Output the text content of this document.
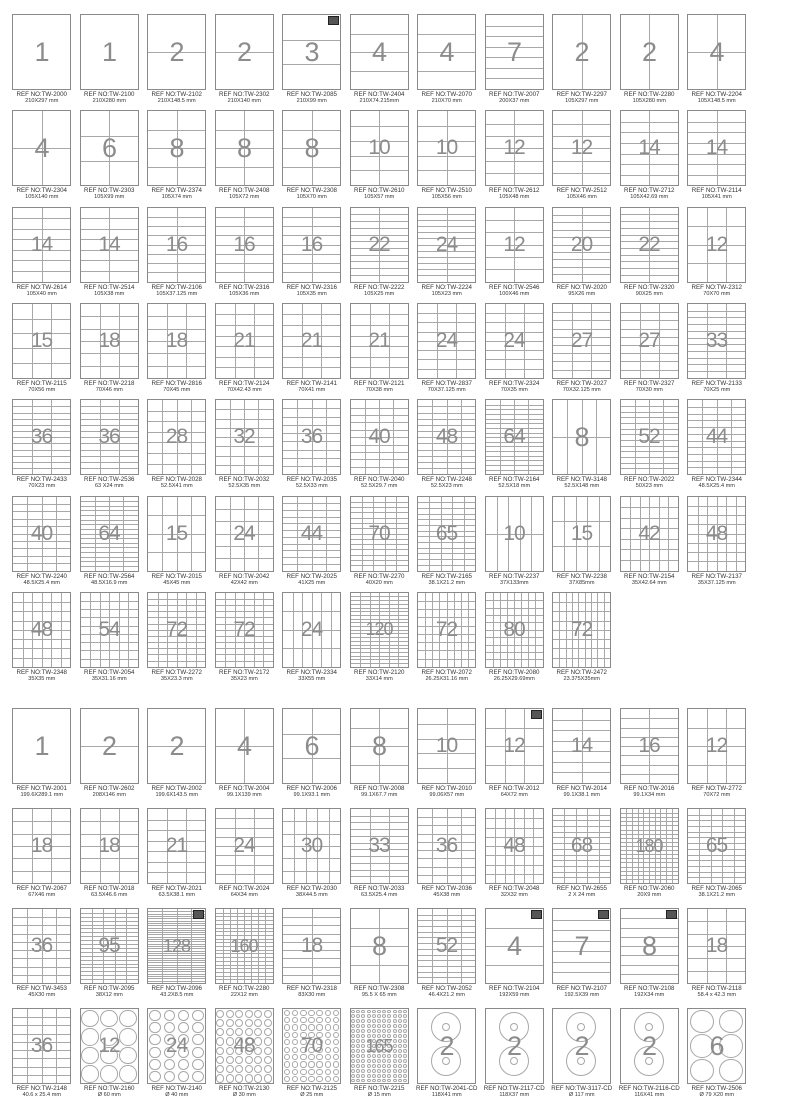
1
REF NO:TW-2000
210X297 mm
1
REF NO:TW-2100
210X280 mm
2
REF NO:TW-2102
210X148.5 mm
2
REF NO:TW-2302
210X140 mm
3
REF NO:TW-2085
210X99 mm
4
REF NO:TW-2404
210X74.215mm
4
REF NO:TW-2070
210X70 mm
7
REF NO:TW-2007
200X37 mm
2
REF NO:TW-2297
105X297 mm
2
REF NO:TW-2280
105X280 mm
4
REF NO:TW-2204
105X148.5 mm
4
REF NO:TW-2304
105X140 mm
6
REF NO:TW-2303
105X99 mm
8
REF NO:TW-2374
105X74 mm
8
REF NO:TW-2408
105X72 mm
8
REF NO:TW-2308
105X70 mm
10
REF NO:TW-2610
105X57 mm
10
REF NO:TW-2510
105X56 mm
12
REF NO:TW-2612
105X48 mm
12
REF NO:TW-2512
105X46 mm
14
REF NO:TW-2712
105X42.69 mm
14
REF NO:TW-2114
105X41 mm
14
REF NO:TW-2614
105X40 mm
14
REF NO:TW-2514
105X38 mm
16
REF NO:TW-2106
105X37.125 mm
16
REF NO:TW-2316
105X36 mm
16
REF NO:TW-2316
105X35 mm
22
REF NO:TW-2222
105X25 mm
24
REF NO:TW-2224
105X23 mm
12
REF NO:TW-2546
100X46 mm
20
REF NO:TW-2020
95X26 mm
22
REF NO:TW-2320
90X25 mm
12
REF NO:TW-2312
70X70 mm
15
REF NO:TW-2115
70X56 mm
18
REF NO:TW-2218
70X46 mm
18
REF NO:TW-2816
70X45 mm
21
REF NO:TW-2124
70X42.43 mm
21
REF NO:TW-2141
70X41 mm
21
REF NO:TW-2121
70X38 mm
24
REF NO:TW-2837
70X37.125 mm
24
REF NO:TW-2324
70X35 mm
27
REF NO:TW-2027
70X32.125 mm
27
REF NO:TW-2327
70X30 mm
33
REF NO:TW-2133
70X25 mm
36
REF NO:TW-2433
70X23 mm
36
REF NO:TW-2536
63 X24 mm
28
REF NO:TW-2028
52.5X41 mm
32
REF NO:TW-2032
52.5X35 mm
36
REF NO:TW-2035
52.5X33 mm
40
REF NO:TW-2040
52.5X29.7 mm
48
REF NO:TW-2248
52.5X23 mm
64
REF NO:TW-2164
52.5X18 mm
8
REF NO:TW-3148
52.5X148 mm
52
REF NO:TW-2022
50X23 mm
44
REF NO:TW-2344
48.5X25.4 mm
40
REF NO:TW-2240
48.5X25.4 mm
64
REF NO:TW-2564
48.5X16.9 mm
15
REF NO:TW-2015
45X45 mm
24
REF NO:TW-2042
42X42 mm
44
REF NO:TW-2025
41X25 mm
70
REF NO:TW-2270
40X20 mm
65
REF NO:TW-2165
38.1X21.2 mm
10
REF NO:TW-2237
37X133mm
15
REF NO:TW-2238
37X85mm
42
REF NO:TW-2154
35X42.64 mm
48
REF NO:TW-2137
35X37.125 mm
48
REF NO:TW-2348
35X35 mm
54
REF NO:TW-2054
35X31.16 mm
72
REF NO:TW-2272
35X23.3 mm
72
REF NO:TW-2172
35X23 mm
24
REF NO:TW-2334
33X55 mm
120
REF NO:TW-2120
33X14 mm
72
REF NO:TW-2072
26.25X31.16 mm
80
REF NO:TW-2080
26.25X29.69mm
72
REF NO:TW-2472
23.375X35mm
1
REF NO:TW-2001
199.6X289.1 mm
2
REF NO:TW-2602
208X146 mm
2
REF NO:TW-2002
199.6X143.5 mm
4
REF NO:TW-2004
99.1X139 mm
6
REF NO:TW-2006
99.1X93.1 mm
8
REF NO:TW-2008
99.1X67.7 mm
10
REF NO:TW-2010
99.06X57 mm
12
REF NO:TW-2012
64X72 mm
14
REF NO:TW-2014
99.1X38.1 mm
16
REF NO:TW-2016
99.1X34 mm
12
REF NO:TW-2772
70X72 mm
18
REF NO:TW-2067
67X46 mm
18
REF NO:TW-2018
63.5X46.6 mm
21
REF NO:TW-2021
63.5X38.1 mm
24
REF NO:TW-2024
64X34 mm
30
REF NO:TW-2030
38X44.5 mm
33
REF NO:TW-2033
63.5X25.4 mm
36
REF NO:TW-2036
45X38 mm
48
REF NO:TW-2048
32X32 mm
68
REF NO:TW-2655
2 X 24 mm
180
REF NO:TW-2060
20X9 mm
65
REF NO:TW-2065
38.1X21.2 mm
36
REF NO:TW-3453
45X30 mm
95
REF NO:TW-2095
38X12 mm
128
REF NO:TW-2096
43.2X8.5 mm
160
REF NO:TW-2280
22X12 mm
18
REF NO:TW-2318
83X30 mm
8
REF NO:TW-2308
95.5 X 65 mm
52
REF NO:TW-2052
46.4X21.2 mm
4
REF NO:TW-2104
192X59 mm
7
REF NO:TW-2107
192.5X39 mm
8
REF NO:TW-2108
192X34 mm
18
REF NO:TW-2118
58.4 x 42.3 mm
36
REF NO:TW-2148
40.6 x 25.4 mm
12
REF NO:TW-2160
Ø 60 mm
24
REF NO:TW-2140
Ø 40 mm
48
REF NO:TW-2130
Ø 30 mm
70
REF NO:TW-2125
Ø 25 mm
165
REF NO:TW-2215
Ø 15 mm
2
REF NO:TW-2041-CD
118X41 mm
2
REF NO:TW-2117-CD
118X37 mm
2
REF NO:TW-3117-CD
Ø 117 mm
2
REF NO:TW-2116-CD
116X41 mm
6
REF NO:TW-2506
Ø 79 X20 mm
